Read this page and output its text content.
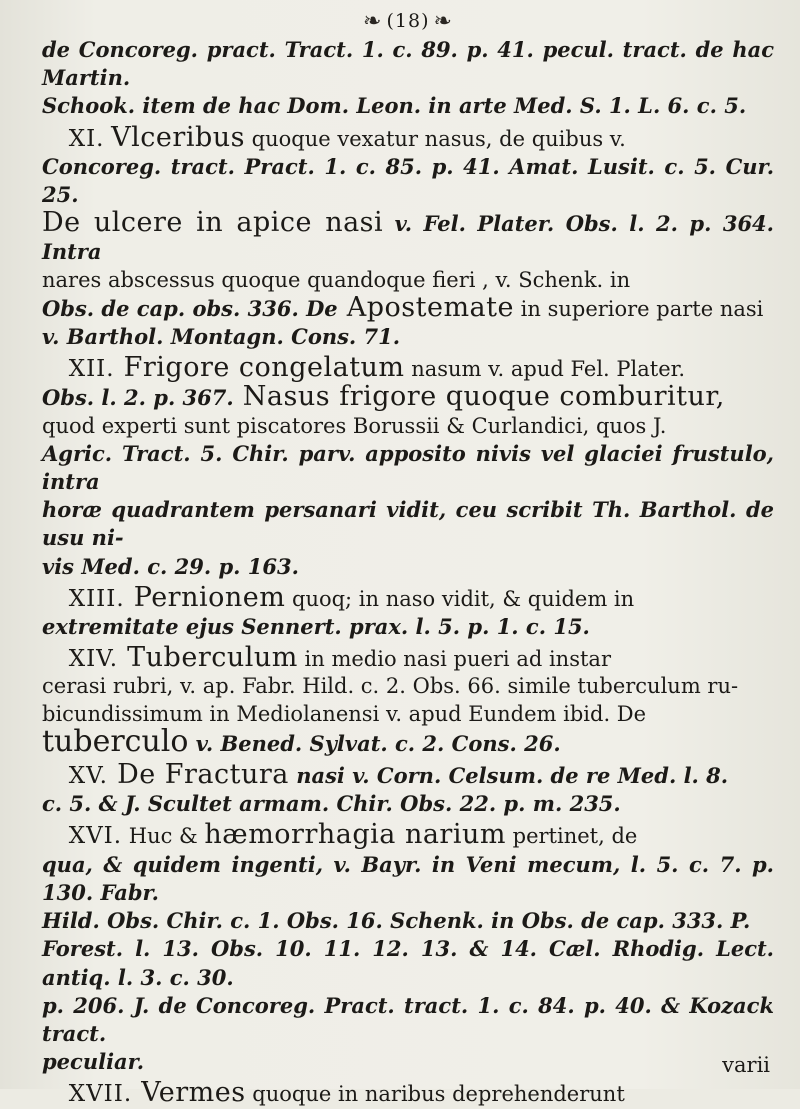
❧ (18) ❧

de Concoreg. pract. Tract. 1. c. 89. p. 41. pecul. tract. de hac Martin.

Schook. item de hac Dom. Leon. in arte Med. S. 1. L. 6. c. 5.

XI. Vlceribus quoque vexatur nasus, de quibus v.

Concoreg. tract. Pract. 1. c. 85. p. 41. Amat. Lusit. c. 5. Cur. 25.

De ulcere in apice nasi v. Fel. Plater. Obs. l. 2. p. 364. Intra

nares abscessus quoque quandoque fieri , v. Schenk. in

Obs. de cap. obs. 336. De Apostemate in superiore parte nasi

v. Barthol. Montagn. Cons. 71.

XII. Frigore congelatum nasum v. apud Fel. Plater.

Obs. l. 2. p. 367. Nasus frigore quoque comburitur,

quod experti sunt piscatores Borussii & Curlandici, quos J.

Agric. Tract. 5. Chir. parv. apposito nivis vel glaciei frustulo, intra

horæ quadrantem persanari vidit, ceu scribit Th. Barthol. de usu ni-

vis Med. c. 29. p. 163.

XIII. Pernionem quoq; in naso vidit, & quidem in

extremitate ejus Sennert. prax. l. 5. p. 1. c. 15.

XIV. Tuberculum in medio nasi pueri ad instar

cerasi rubri, v. ap. Fabr. Hild. c. 2. Obs. 66. simile tuberculum ru-

bicundissimum in Mediolanensi v. apud Eundem ibid. De

tuberculo v. Bened. Sylvat. c. 2. Cons. 26.

XV. De Fractura nasi v. Corn. Celsum. de re Med. l. 8.

c. 5. & J. Scultet armam. Chir. Obs. 22. p. m. 235.

XVI. Huc & hæmorrhagia narium pertinet, de

qua, & quidem ingenti, v. Bayr. in Veni mecum, l. 5. c. 7. p. 130. Fabr.

Hild. Obs. Chir. c. 1. Obs. 16. Schenk. in Obs. de cap. 333. P.

Forest. l. 13. Obs. 10. 11. 12. 13. & 14. Cæl. Rhodig. Lect. antiq. l. 3. c. 30.

p. 206. J. de Concoreg. Pract. tract. 1. c. 84. p. 40. & Kozack tract.

peculiar.

XVII. Vermes quoque in naribus deprehenderunt

varii
